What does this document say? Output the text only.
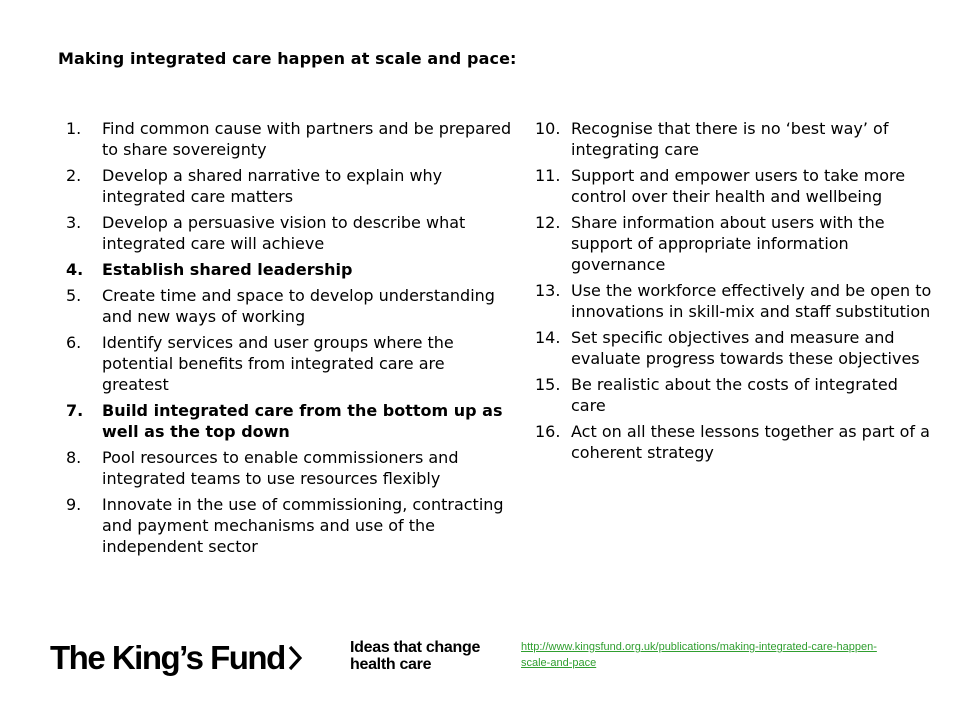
Making integrated care happen at scale and pace:
1.	Find common cause with partners and be prepared to share sovereignty
2.	Develop a shared narrative to explain why integrated care matters
3.	Develop a persuasive vision to describe what integrated care will achieve
4.	Establish shared leadership
5.	Create time and space to develop understanding and new ways of working
6.	Identify services and user groups where the potential benefits from integrated care are greatest
7.	Build integrated care from the bottom up as well as the top down
8.	Pool resources to enable commissioners and integrated teams to use resources flexibly
9.	Innovate in the use of commissioning, contracting and payment mechanisms and use of the independent sector
10. Recognise that there is no ‘best way’ of integrating care
11. Support and empower users to take more control over their health and wellbeing
12. Share information about users with the support of appropriate information governance
13. Use the workforce effectively and be open to innovations in skill-mix and staff substitution
14. Set specific objectives and measure and evaluate progress towards these objectives
15. Be realistic about the costs of integrated care
16. Act on all these lessons together as part of a coherent strategy
The King’s Fund	Ideas that change
health care
http://www.kingsfund.org.uk/publications/making-integrated-care-happen-scale-and-pace
